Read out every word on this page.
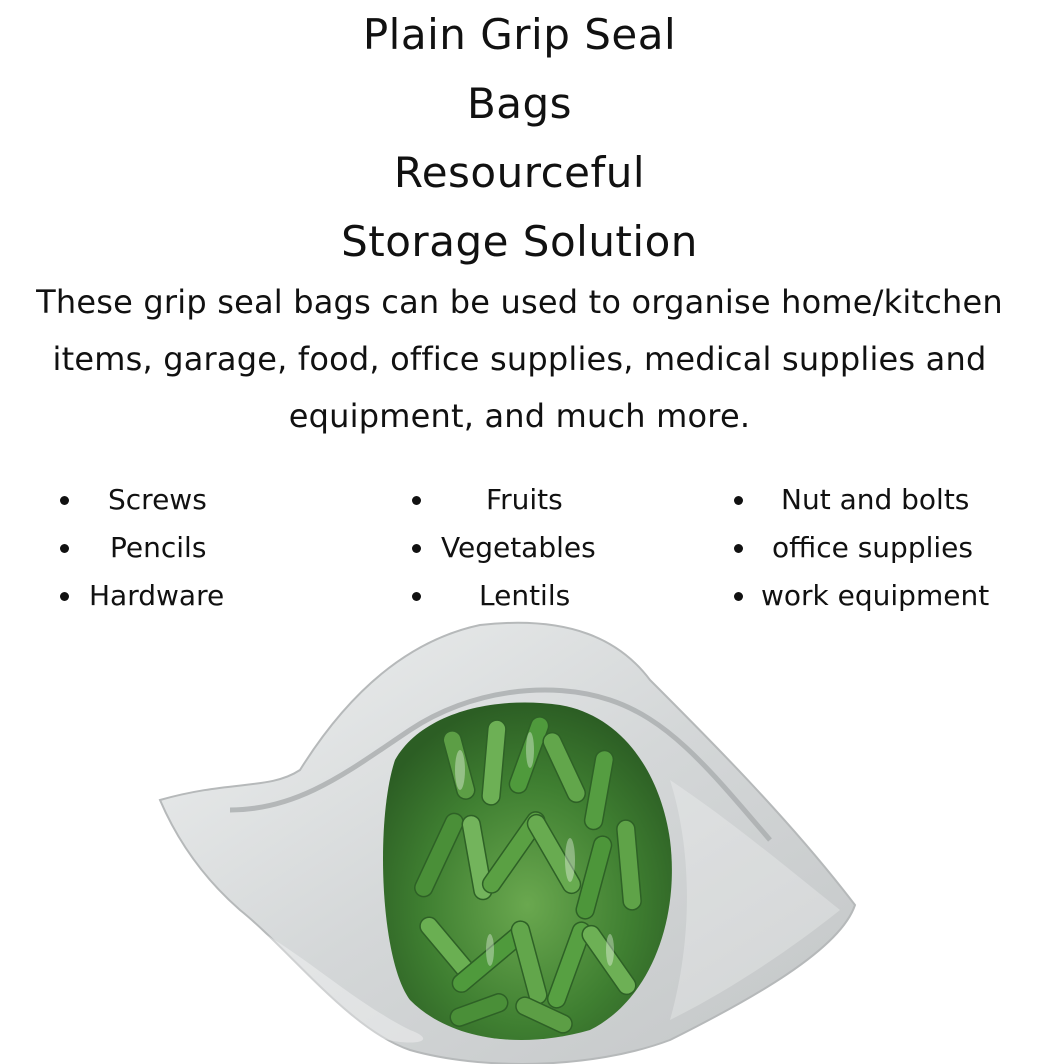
Plain Grip Seal
Bags
Resourceful
Storage Solution
These grip seal bags can be used to organise home/kitchen
items, garage, food, office supplies, medical supplies and
equipment, and much more.
Screws
Pencils
Hardware
Fruits
Vegetables
Lentils
Nut and bolts
office supplies
work equipment
